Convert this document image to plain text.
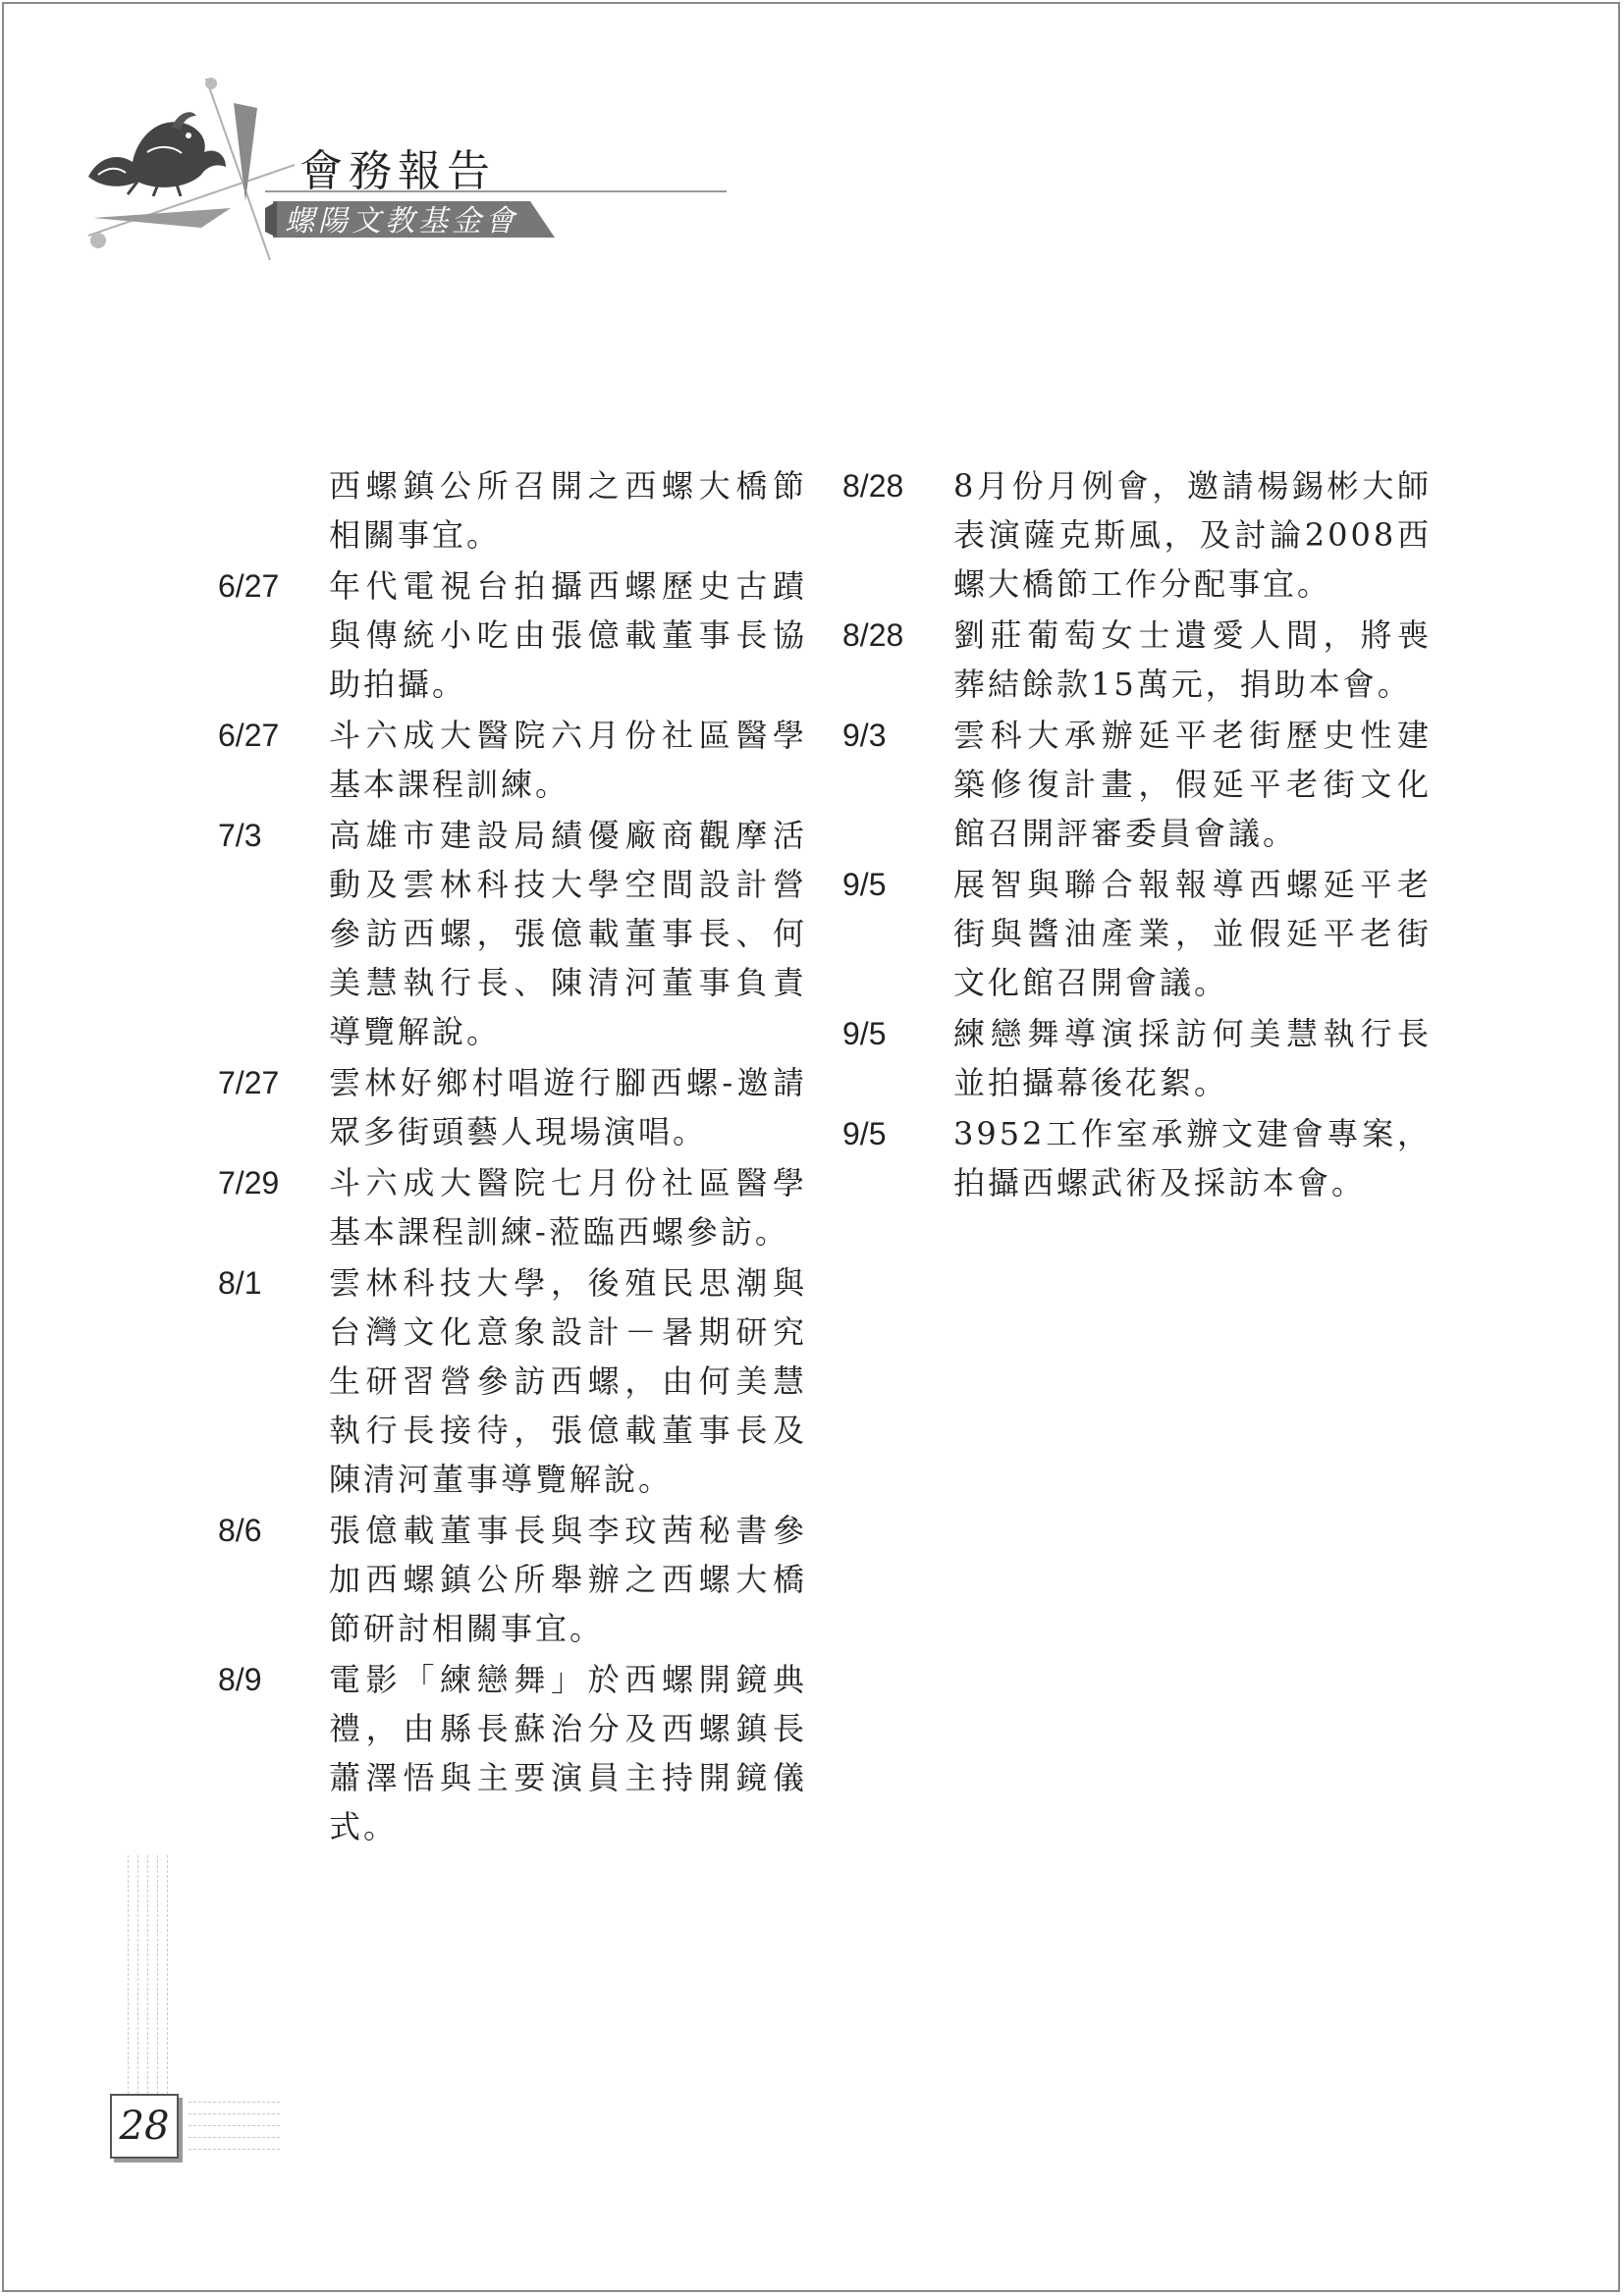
會務報告
螺陽文教基金會
西螺鎮公所召開之西螺大橋節相關事宜。
6/27	年代電視台拍攝西螺歷史古蹟與傳統小吃由張億載董事長協助拍攝。
6/27	斗六成大醫院六月份社區醫學基本課程訓練。
7/3	高雄市建設局績優廠商觀摩活動及雲林科技大學空間設計營參訪西螺，張億載董事長、何美慧執行長、陳清河董事負責導覽解說。
7/27	雲林好鄉村唱遊行腳西螺-邀請眾多街頭藝人現場演唱。
7/29	斗六成大醫院七月份社區醫學基本課程訓練-蒞臨西螺參訪。
8/1	雲林科技大學，後殖民思潮與台灣文化意象設計－暑期研究生研習營參訪西螺，由何美慧執行長接待，張億載董事長及陳清河董事導覽解說。
8/6	張億載董事長與李玟茜秘書參加西螺鎮公所舉辦之西螺大橋節研討相關事宜。
8/9	電影「練戀舞」於西螺開鏡典禮，由縣長蘇治分及西螺鎮長蕭澤悟與主要演員主持開鏡儀式。
8/28	8月份月例會，邀請楊錫彬大師表演薩克斯風，及討論2008西螺大橋節工作分配事宜。
8/28	劉莊葡萄女士遺愛人間，將喪葬結餘款15萬元，捐助本會。
9/3	雲科大承辦延平老街歷史性建築修復計畫，假延平老街文化館召開評審委員會議。
9/5	展智與聯合報報導西螺延平老街與醬油產業，並假延平老街文化館召開會議。
9/5	練戀舞導演採訪何美慧執行長並拍攝幕後花絮。
9/5	3952工作室承辦文建會專案，拍攝西螺武術及採訪本會。
28
